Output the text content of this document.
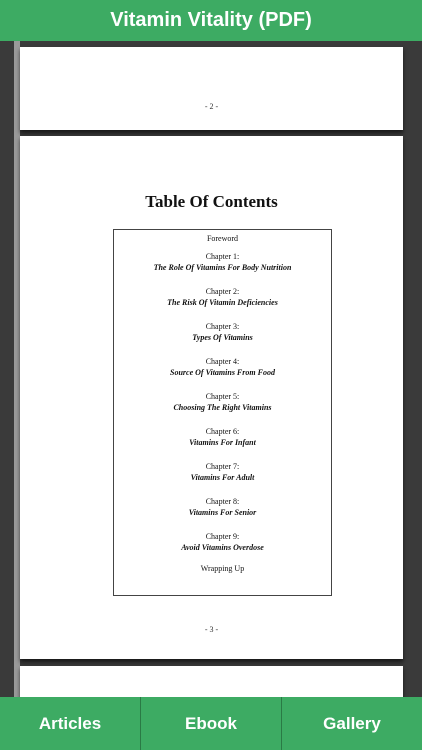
Vitamin Vitality (PDF)
- 2 -
Table Of Contents
Foreword
Chapter 1:
The Role Of Vitamins For Body Nutrition
Chapter 2:
The Risk Of Vitamin Deficiencies
Chapter 3:
Types Of Vitamins
Chapter 4:
Source Of Vitamins From Food
Chapter 5:
Choosing The Right Vitamins
Chapter 6:
Vitamins For Infant
Chapter 7:
Vitamins For Adult
Chapter 8:
Vitamins For Senior
Chapter 9:
Avoid Vitamins Overdose
Wrapping Up
- 3 -
Articles	Ebook	Gallery
